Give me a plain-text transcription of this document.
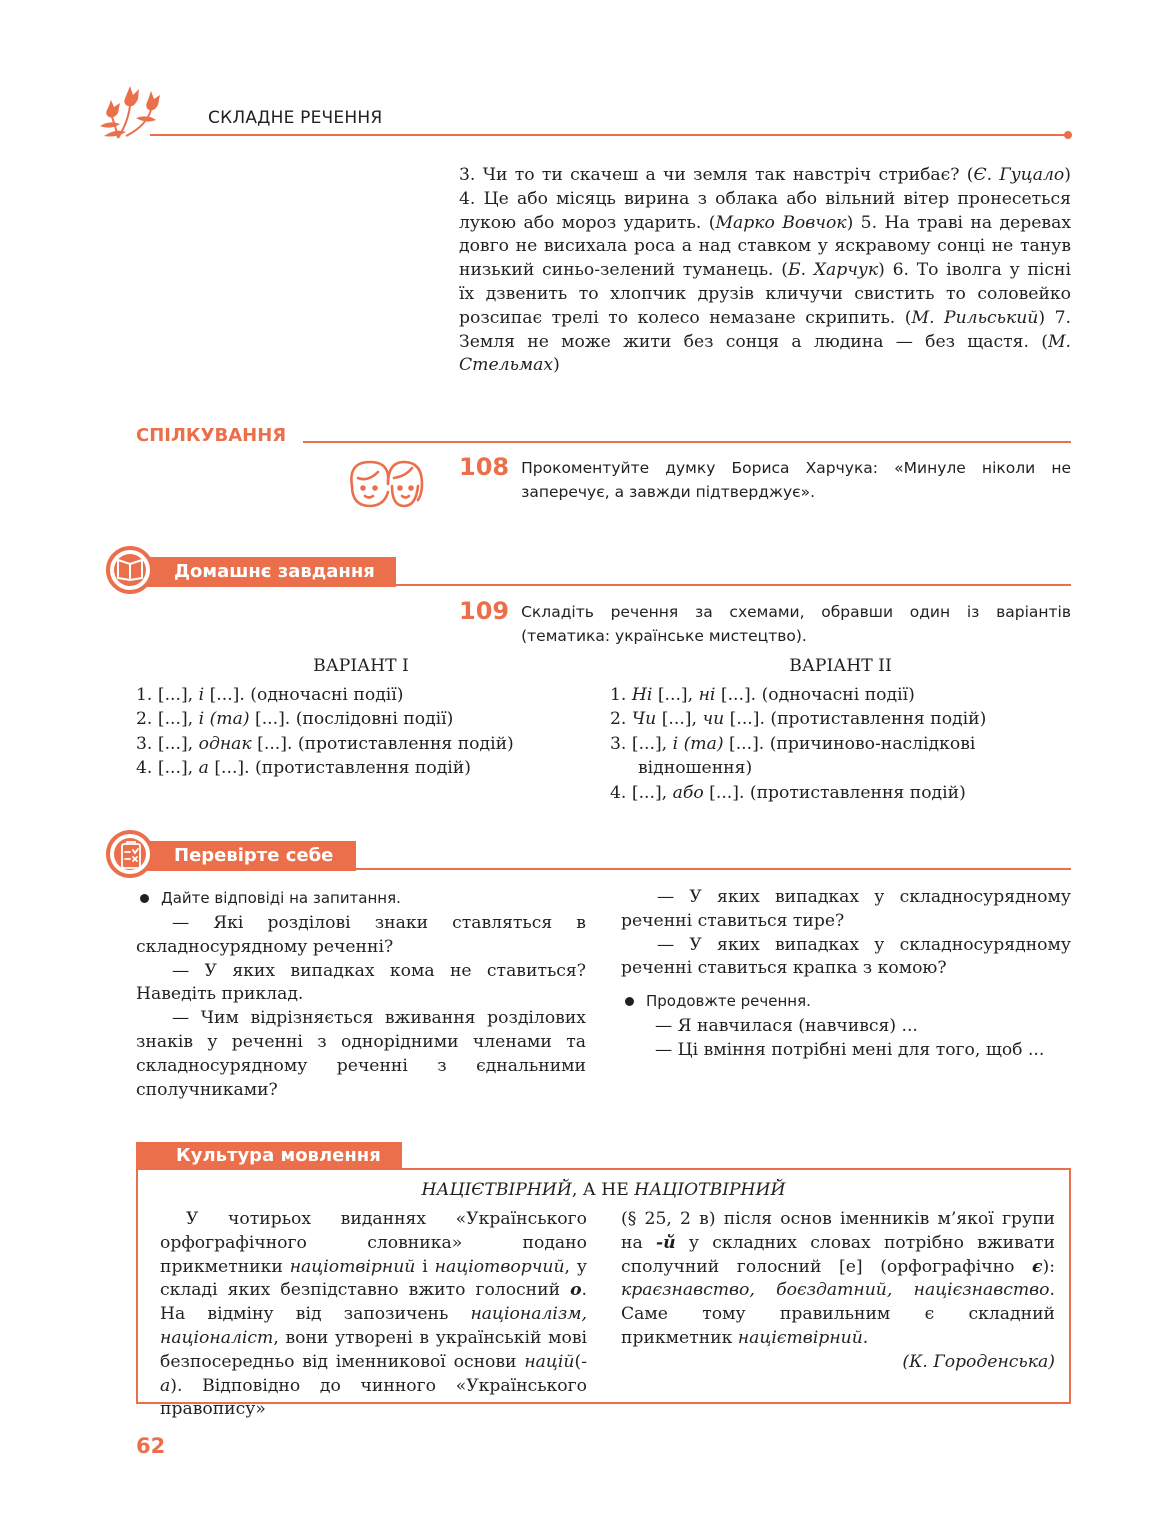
СКЛАДНЕ РЕЧЕННЯ
3. Чи то ти скачеш а чи земля так навстріч стрибає? (Є. Гуцало) 4. Це або місяць вирина з облака або вільний вітер пронесеться лукою або мороз ударить. (Марко Вовчок) 5. На траві на деревах довго не висихала роса а над ставком у яскравому сонці не танув низький синьо-зелений туманець. (Б. Харчук) 6. То іволга у пісні їх дзвенить то хлопчик друзів кличучи свистить то соловейко розсипає трелі то колесо немазане скрипить. (М. Рильський) 7. Земля не може жити без сонця а людина — без щастя. (М. Стельмах)
СПІЛКУВАННЯ
108 Прокоментуйте думку Бориса Харчука: «Минуле ніколи не заперечує, а завжди підтверджує».
Домашнє завдання
109 Складіть речення за схемами, обравши один із варіантів (тематика: українське мистецтво).
ВАРІАНТ І
1. [...], і [...]. (одночасні події)
2. [...], і (та) [...]. (послідовні події)
3. [...], однак [...]. (протиставлення подій)
4. [...], а [...]. (протиставлення подій)
ВАРІАНТ ІІ
1. Ні [...], ні [...]. (одночасні події)
2. Чи [...], чи [...]. (протиставлення подій)
3. [...], і (та) [...]. (причиново-наслідкові
відношення)
4. [...], або [...]. (протиставлення подій)
Перевірте себе
Дайте відповіді на запитання.
— Які розділові знаки ставляться в складносурядному реченні?
— У яких випадках кома не ставиться? Наведіть приклад.
— Чим відрізняється вживання розділових знаків у реченні з однорідними членами та складносурядному реченні з єднальними сполучниками?
— У яких випадках у складносурядному реченні ставиться тире?
— У яких випадках у складносурядному реченні ставиться крапка з комою?
Продовжте речення.
— Я навчилася (навчився) ...
— Ці вміння потрібні мені для того, щоб ...
Культура мовлення
НАЦІЄТВІРНИЙ, А НЕ НАЦІОТВІРНИЙ
У чотирьох виданнях «Українського орфографічного словника» подано прикметники націотвірний і націотворчий, у складі яких безпідставно вжито голосний о. На відміну від запозичень націоналізм, націоналіст, вони утворені в українській мові безпосередньо від іменникової основи націй(-а). Відповідно до чинного «Українського правопису»
(§ 25, 2 в) після основ іменників м’якої групи на -й у складних словах потрібно вживати сполучний голосний [е] (орфографічно є): краєзнавство, боєздатний, націєзнавство. Саме тому правильним є складний прикметник націєтвірний.
(К. Городенська)
62
